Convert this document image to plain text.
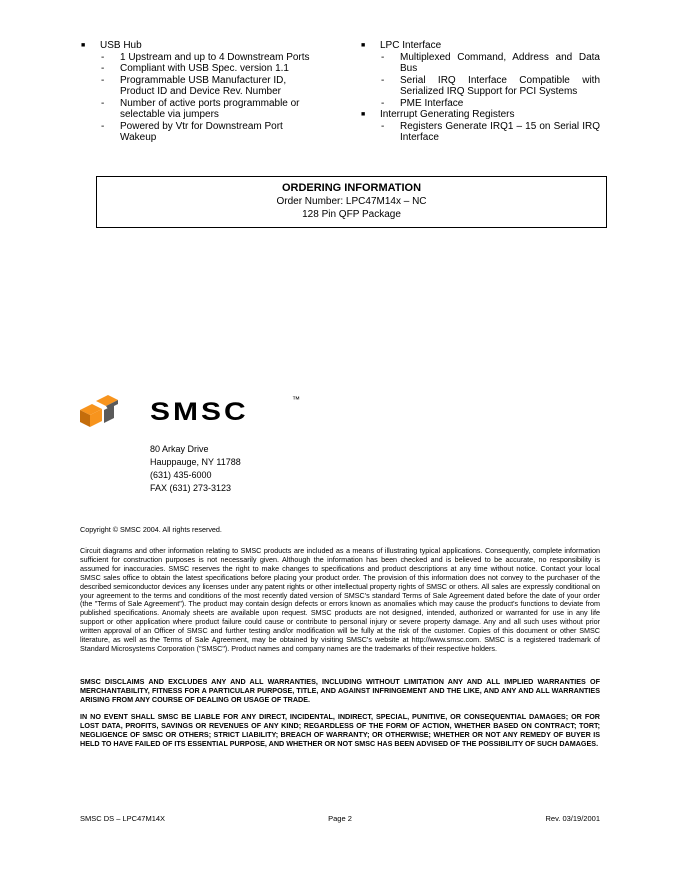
■ USB Hub
- 1 Upstream and up to 4 Downstream Ports
- Compliant with USB Spec. version 1.1
- Programmable USB Manufacturer ID, Product ID and Device Rev. Number
- Number of active ports programmable or selectable via jumpers
- Powered by Vtr for Downstream Port Wakeup
■ LPC Interface
- Multiplexed Command, Address and Data Bus
- Serial IRQ Interface Compatible with Serialized IRQ Support for PCI Systems
- PME Interface
■ Interrupt Generating Registers
- Registers Generate IRQ1 – 15 on Serial IRQ Interface
ORDERING INFORMATION
Order Number: LPC47M14x – NC
128 Pin QFP Package
SMSC	™
80 Arkay Drive
Hauppauge, NY 11788
(631) 435-6000
FAX (631) 273-3123
Copyright © SMSC 2004. All rights reserved.
Circuit diagrams and other information relating to SMSC products are included as a means of illustrating typical applications. Consequently, complete information sufficient for construction purposes is not necessarily given. Although the information has been checked and is believed to be accurate, no responsibility is assumed for inaccuracies. SMSC reserves the right to make changes to specifications and product descriptions at any time without notice. Contact your local SMSC sales office to obtain the latest specifications before placing your product order. The provision of this information does not convey to the purchaser of the described semiconductor devices any licenses under any patent rights or other intellectual property rights of SMSC or others. All sales are expressly conditional on your agreement to the terms and conditions of the most recently dated version of SMSC's standard Terms of Sale Agreement dated before the date of your order (the "Terms of Sale Agreement"). The product may contain design defects or errors known as anomalies which may cause the product's functions to deviate from published specifications. Anomaly sheets are available upon request. SMSC products are not designed, intended, authorized or warranted for use in any life support or other application where product failure could cause or contribute to personal injury or severe property damage. Any and all such uses without prior written approval of an Officer of SMSC and further testing and/or modification will be fully at the risk of the customer. Copies of this document or other SMSC literature, as well as the Terms of Sale Agreement, may be obtained by visiting SMSC's website at http://www.smsc.com. SMSC is a registered trademark of Standard Microsystems Corporation ("SMSC"). Product names and company names are the trademarks of their respective holders.
SMSC DISCLAIMS AND EXCLUDES ANY AND ALL WARRANTIES, INCLUDING WITHOUT LIMITATION ANY AND ALL IMPLIED WARRANTIES OF MERCHANTABILITY, FITNESS FOR A PARTICULAR PURPOSE, TITLE, AND AGAINST INFRINGEMENT AND THE LIKE, AND ANY AND ALL WARRANTIES ARISING FROM ANY COURSE OF DEALING OR USAGE OF TRADE.
IN NO EVENT SHALL SMSC BE LIABLE FOR ANY DIRECT, INCIDENTAL, INDIRECT, SPECIAL, PUNITIVE, OR CONSEQUENTIAL DAMAGES; OR FOR LOST DATA, PROFITS, SAVINGS OR REVENUES OF ANY KIND; REGARDLESS OF THE FORM OF ACTION, WHETHER BASED ON CONTRACT; TORT; NEGLIGENCE OF SMSC OR OTHERS; STRICT LIABILITY; BREACH OF WARRANTY; OR OTHERWISE; WHETHER OR NOT ANY REMEDY OF BUYER IS HELD TO HAVE FAILED OF ITS ESSENTIAL PURPOSE, AND WHETHER OR NOT SMSC HAS BEEN ADVISED OF THE POSSIBILITY OF SUCH DAMAGES.
SMSC DS – LPC47M14X	Page 2	Rev. 03/19/2001
